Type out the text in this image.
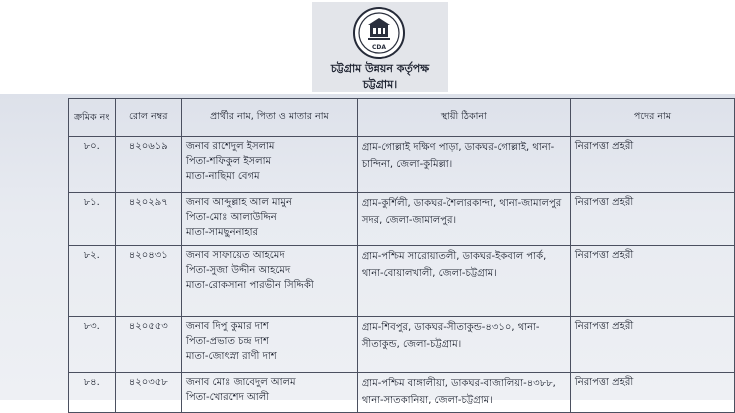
CDA
চট্টগ্রাম উন্নয়ন কর্তৃপক্ষ
চট্টগ্রাম।
ক্রমিক নং	রোল নম্বর	প্রার্থীর নাম, পিতা ও মাতার নাম	স্থায়ী ঠিকানা	পদের নাম
৮০.	৪২০৬১৯	জনাব রাশেদুল ইসলাম
পিতা-শফিকুল ইসলাম
মাতা-নাছিমা বেগম	গ্রাম-গোল্লাই দক্ষিণ পাড়া, ডাকঘর-গোল্লাই, থানা-চান্দিনা, জেলা-কুমিল্লা।	নিরাপত্তা প্রহরী
৮১.	৪২০২৯৭	জনাব আব্দুল্লাহ আল মামুন
পিতা-মোঃ আলাউদ্দিন
মাতা-সামছুননাহার	গ্রাম-কুর্শিলী, ডাকঘর-শৈলারকান্দা, থানা-জামালপুর সদর, জেলা-জামালপুর।	নিরাপত্তা প্রহরী
৮২.	৪২০৪৩১	জনাব সাফায়েত আহমেদ
পিতা-সুজা উদ্দীন আহমেদ
মাতা-রোকসানা পারভীন সিদ্দিকী	গ্রাম-পশ্চিম সারোয়াতলী, ডাকঘর-ইকবাল পার্ক, থানা-বোয়ালখালী, জেলা-চট্টগ্রাম।	নিরাপত্তা প্রহরী
৮৩.	৪২০৫৫৩	জনাব দিপু কুমার দাশ
পিতা-প্রভাত চন্দ্র দাশ
মাতা-জোৎস্না রাণী দাশ	গ্রাম-শিবপুর, ডাকঘর-সীতাকুন্ড-৪৩১০, থানা-সীতাকুন্ড, জেলা-চট্টগ্রাম।	নিরাপত্তা প্রহরী
৮৪.	৪২০৩৫৮	জনাব মোঃ জাবেদুল আলম
পিতা-খোরশেদ আলী	গ্রাম-পশ্চিম বাঙ্গালীয়া, ডাকঘর-বাজালিয়া-৪৩৮৮, থানা-সাতকানিয়া, জেলা-চট্টগ্রাম।	নিরাপত্তা প্রহরী
